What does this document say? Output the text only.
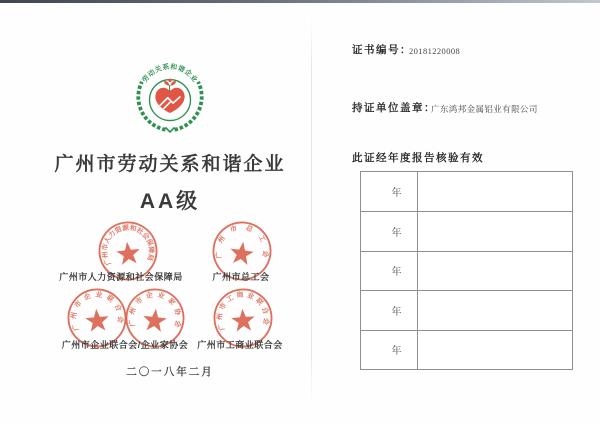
劳动关系和谐企业
广州市劳动关系和谐企业
AA级
广州市人力资源和社会保障局	广州市总工会
广州市人力资源和社会保障局	广州市总工会
广州市企业联合会 广州市企业家协会	广州市工商业联合会
广州市企业联合会/企业家协会 广州市工商业联合会
二〇一八年二月
证书编号：
20181220008
持证单位盖章：
广东鸿邦金属铝业有限公司
此证经年度报告核验有效
年
年
年
年
年
